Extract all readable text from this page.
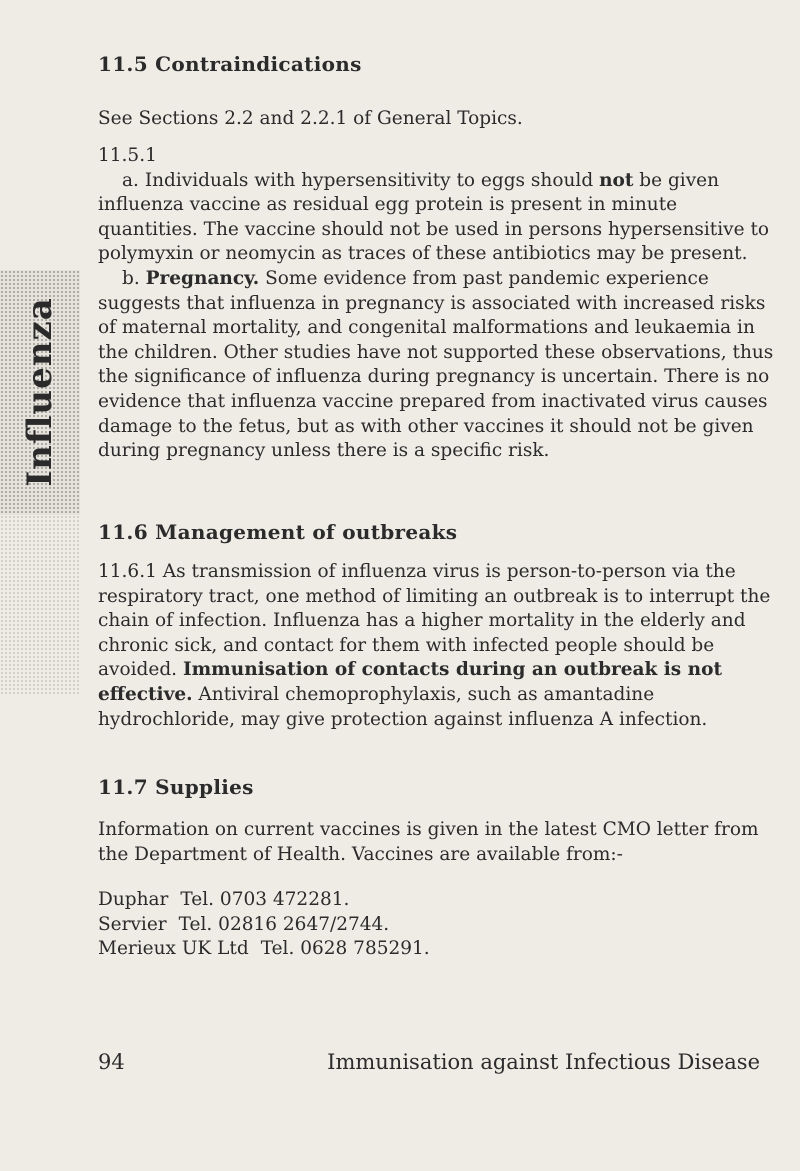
Influenza
11.5 Contraindications

See Sections 2.2 and 2.2.1 of General Topics.

11.5.1

a. Individuals with hypersensitivity to eggs should not be given influenza vaccine as residual egg protein is present in minute quantities. The vaccine should not be used in persons hypersensitive to polymyxin or neomycin as traces of these antibiotics may be present.

b. Pregnancy. Some evidence from past pandemic experience suggests that influenza in pregnancy is associated with increased risks of maternal mortality, and congenital malformations and leukaemia in the children. Other studies have not supported these observations, thus the significance of influenza during pregnancy is uncertain. There is no evidence that influenza vaccine prepared from inactivated virus causes damage to the fetus, but as with other vaccines it should not be given during pregnancy unless there is a specific risk.

11.6 Management of outbreaks

11.6.1 As transmission of influenza virus is person-to-person via the respiratory tract, one method of limiting an outbreak is to interrupt the chain of infection. Influenza has a higher mortality in the elderly and chronic sick, and contact for them with infected people should be avoided. Immunisation of contacts during an outbreak is not effective. Antiviral chemoprophylaxis, such as amantadine hydrochloride, may give protection against influenza A infection.

11.7 Supplies

Information on current vaccines is given in the latest CMO letter from the Department of Health. Vaccines are available from:-

Duphar Tel. 0703 472281.

Servier Tel. 02816 2647/2744.

Merieux UK Ltd Tel. 0628 785291.

94	Immunisation against Infectious Disease
